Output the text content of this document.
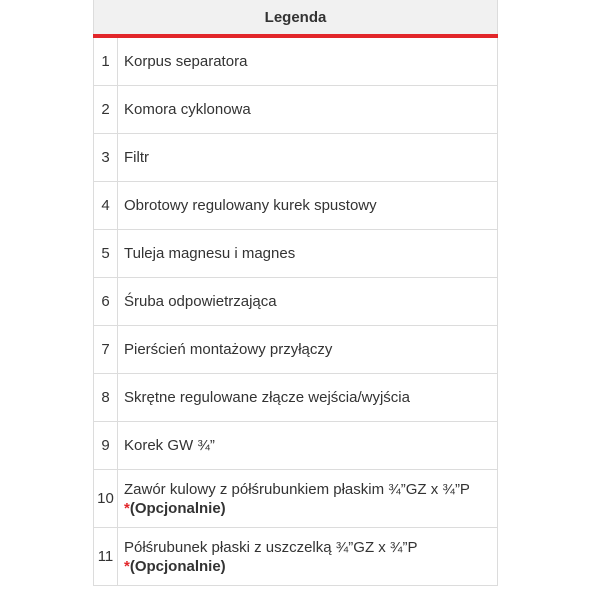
Legenda
1 Korpus separatora
2 Komora cyklonowa
3 Filtr
4 Obrotowy regulowany kurek spustowy
5 Tuleja magnesu i magnes
6 Śruba odpowietrzająca
7 Pierścień montażowy przyłączy
8 Skrętne regulowane złącze wejścia/wyjścia
9 Korek GW ¾”
10
Zawór kulowy z półśrubunkiem płaskim ¾”GZ x ¾”P
*(Opcjonalnie)
11
Półśrubunek płaski z uszczelką ¾”GZ x ¾”P
*(Opcjonalnie)
